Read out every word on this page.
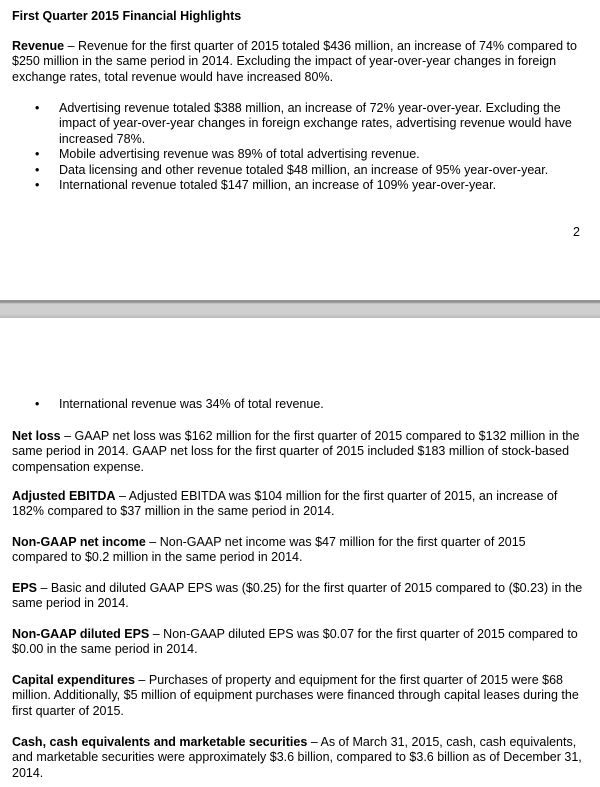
First Quarter 2015 Financial Highlights

Revenue – Revenue for the first quarter of 2015 totaled $436 million, an increase of 74% compared to $250 million in the same period in 2014. Excluding the impact of year-over-year changes in foreign exchange rates, total revenue would have increased 80%.

• Advertising revenue totaled $388 million, an increase of 72% year-over-year. Excluding the impact of year-over-year changes in foreign exchange rates, advertising revenue would have increased 78%.
• Mobile advertising revenue was 89% of total advertising revenue.
• Data licensing and other revenue totaled $48 million, an increase of 95% year-over-year.
• International revenue totaled $147 million, an increase of 109% year-over-year.
2
• International revenue was 34% of total revenue.

Net loss – GAAP net loss was $162 million for the first quarter of 2015 compared to $132 million in the same period in 2014. GAAP net loss for the first quarter of 2015 included $183 million of stock-based compensation expense.

Adjusted EBITDA – Adjusted EBITDA was $104 million for the first quarter of 2015, an increase of 182% compared to $37 million in the same period in 2014.

Non-GAAP net income – Non-GAAP net income was $47 million for the first quarter of 2015 compared to $0.2 million in the same period in 2014.

EPS – Basic and diluted GAAP EPS was ($0.25) for the first quarter of 2015 compared to ($0.23) in the same period in 2014.

Non-GAAP diluted EPS – Non-GAAP diluted EPS was $0.07 for the first quarter of 2015 compared to $0.00 in the same period in 2014.

Capital expenditures – Purchases of property and equipment for the first quarter of 2015 were $68 million. Additionally, $5 million of equipment purchases were financed through capital leases during the first quarter of 2015.

Cash, cash equivalents and marketable securities – As of March 31, 2015, cash, cash equivalents, and marketable securities were approximately $3.6 billion, compared to $3.6 billion as of December 31, 2014.
